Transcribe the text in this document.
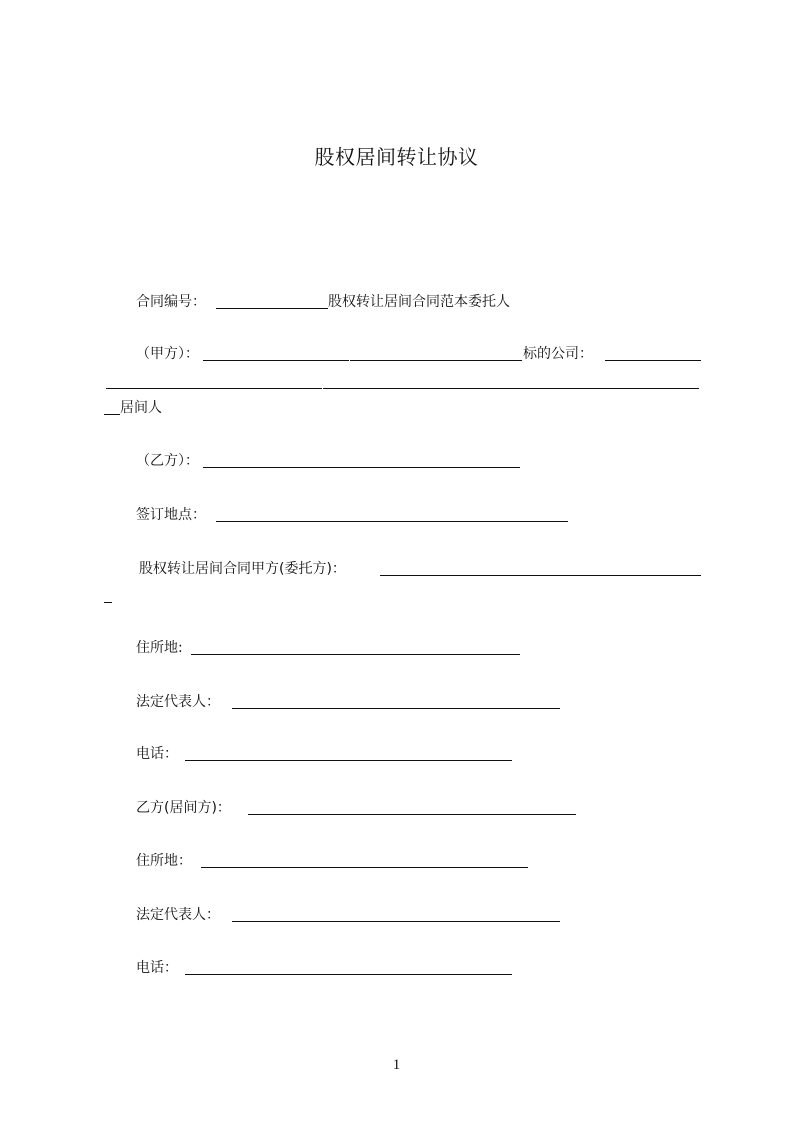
股权居间转让协议
合同编号：	股权转让居间合同范本委托人
（甲方）：	标的公司：
居间人
（乙方）：
签订地点：
股权转让居间合同甲方(委托方)：
住所地:
法定代表人：
电话：
乙方(居间方)：
住所地：
法定代表人：
电话：
1
